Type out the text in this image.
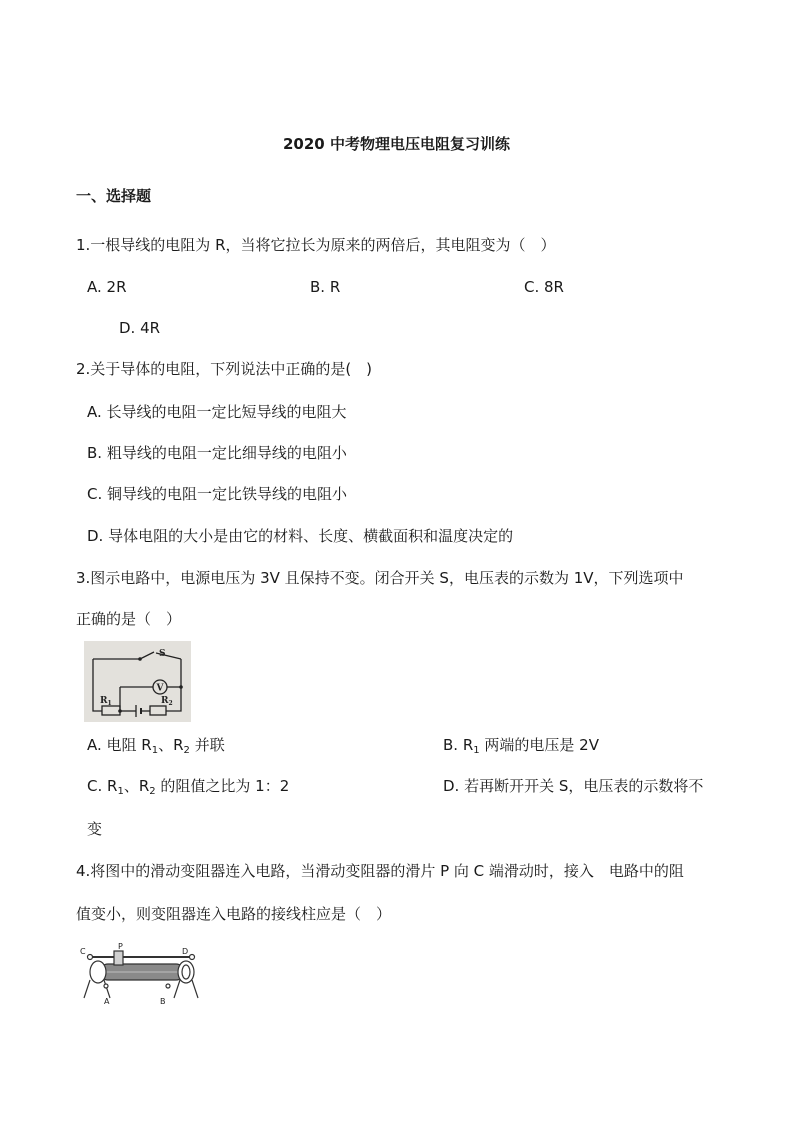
2020 中考物理电压电阻复习训练
一、选择题
1.一根导线的电阻为 R，当将它拉长为原来的两倍后，其电阻变为（　）
A. 2R	B. R	C. 8R
D. 4R
2.关于导体的电阻，下列说法中正确的是(　)
A. 长导线的电阻一定比短导线的电阻大
B. 粗导线的电阻一定比细导线的电阻小
C. 铜导线的电阻一定比铁导线的电阻小
D. 导体电阻的大小是由它的材料、长度、横截面积和温度决定的
3.图示电路中，电源电压为 3V 且保持不变。闭合开关 S，电压表的示数为 1V，下列选项中
正确的是（　）
S
V
$R_1$	$R_2$
A. 电阻 $R_1$、$R_2$ 并联	B. $R_1$ 两端的电压是 2V
C. $R_1$、$R_2$ 的阻值之比为 1：2	D. 若再断开开关 S，电压表的示数将不
变
4.将图中的滑动变阻器连入电路，当滑动变阻器的滑片 P 向 C 端滑动时，接入　电路中的阻
值变小，则变阻器连入电路的接线柱应是（　）
C
P
D
A	B
